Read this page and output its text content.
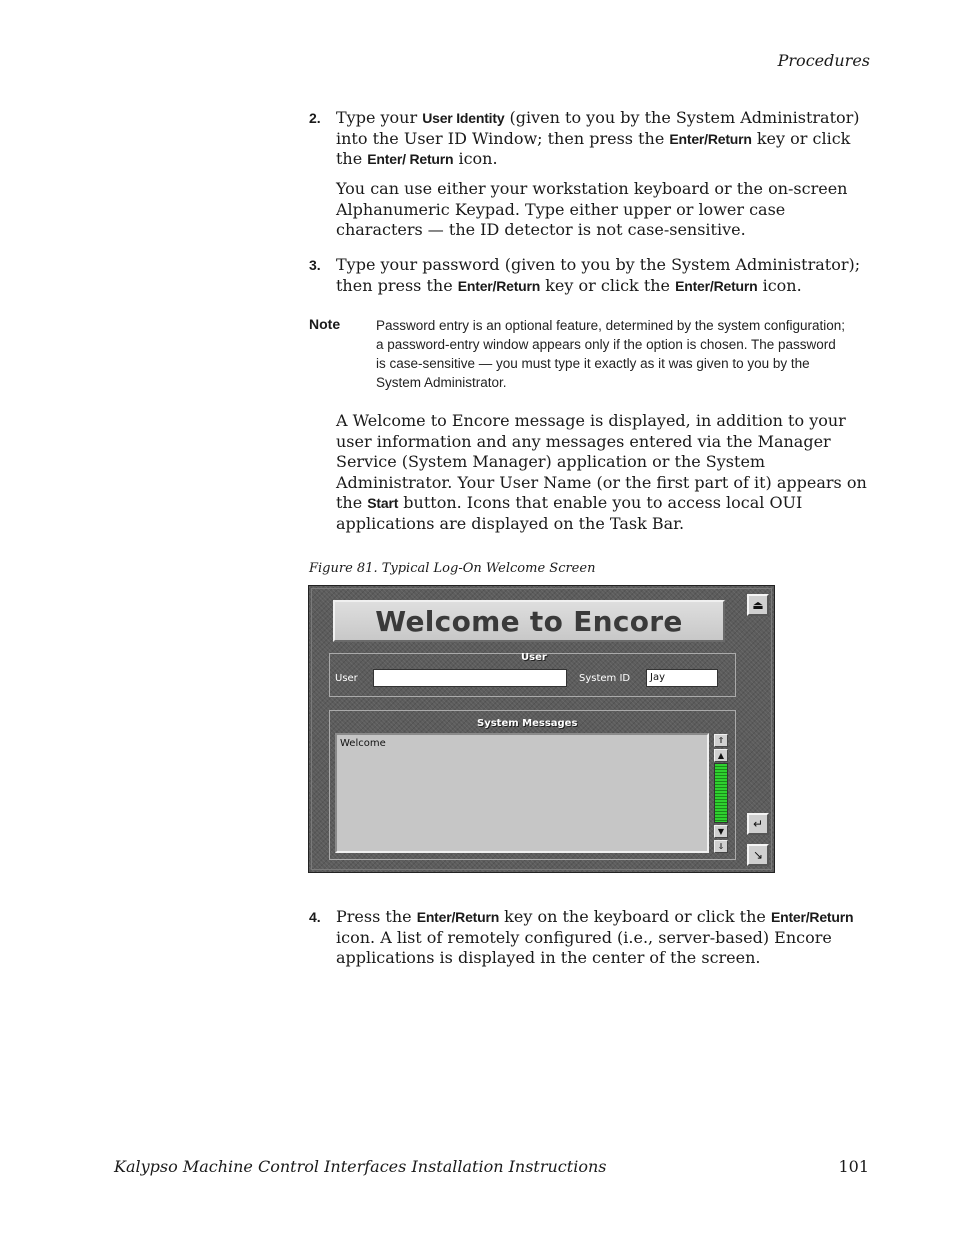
Procedures
2. Type your User Identity (given to you by the System Administrator) into the User ID Window; then press the Enter/Return key or click the Enter/ Return icon.
You can use either your workstation keyboard or the on-screen Alphanumeric Keypad. Type either upper or lower case characters — the ID detector is not case-sensitive.
3. Type your password (given to you by the System Administrator); then press the Enter/Return key or click the Enter/Return icon.
Note	Password entry is an optional feature, determined by the system configuration; a password-entry window appears only if the option is chosen. The password is case-sensitive — you must type it exactly as it was given to you by the System Administrator.
A Welcome to Encore message is displayed, in addition to your user information and any messages entered via the Manager Service (System Manager) application or the System Administrator. Your User Name (or the first part of it) appears on the Start button. Icons that enable you to access local OUI applications are displayed on the Task Bar.
Figure 81. Typical Log-On Welcome Screen
Welcome to Encore	⏏
User
User	System ID	Jay
System Messages
Welcome	⇑
▲
▼
⇓
↵
↘
4. Press the Enter/Return key on the keyboard or click the Enter/Return icon. A list of remotely configured (i.e., server-based) Encore applications is displayed in the center of the screen.
Kalypso Machine Control Interfaces Installation Instructions	101
